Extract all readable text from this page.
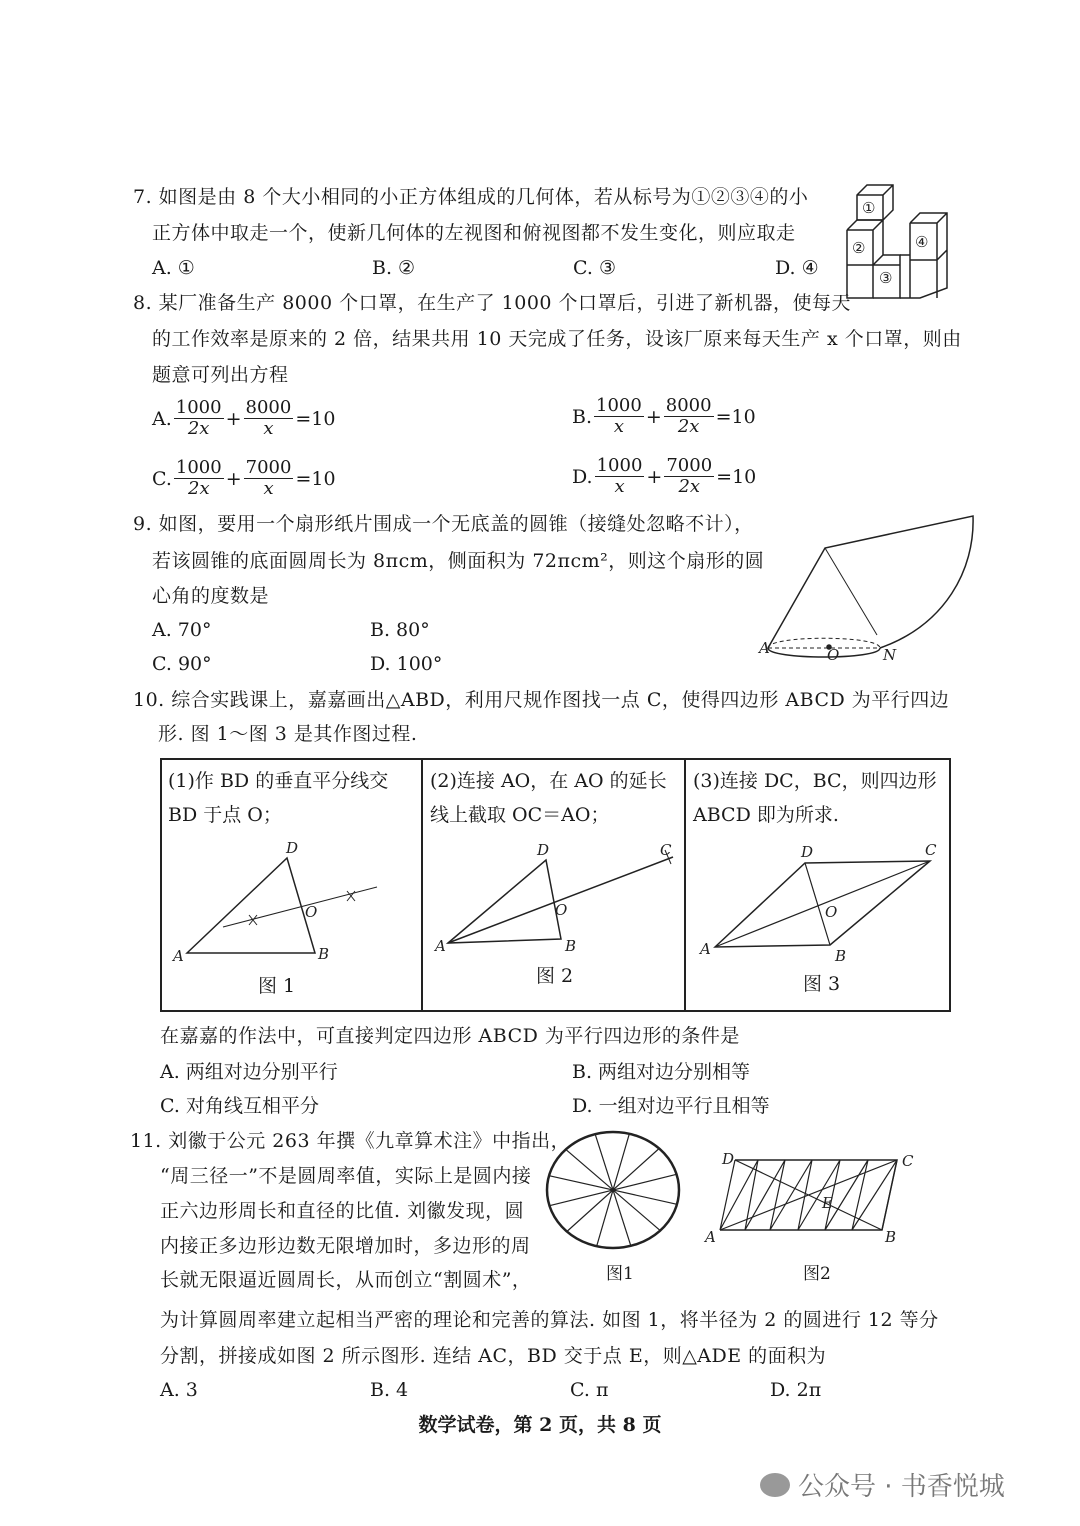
7. 如图是由 8 个大小相同的小正方体组成的几何体，若从标号为①②③④的小
正方体中取走一个，使新几何体的左视图和俯视图都不发生变化，则应取走
A. ①	B. ②	C. ③	D. ④
①
②
③
④
8. 某厂准备生产 8000 个口罩，在生产了 1000 个口罩后，引进了新机器，使每天
的工作效率是原来的 2 倍，结果共用 10 天完成了任务，设该厂原来每天生产 x 个口罩，则由
题意可列出方程
A. $\frac{1000}{2x} + \frac{8000}{x} =10$	B. $\frac{1000}{x} + \frac{8000}{2x} =10$
C. $\frac{1000}{2x} + \frac{7000}{x} =10$	D. $\frac{1000}{x} + \frac{7000}{2x} =10$
9. 如图，要用一个扇形纸片围成一个无底盖的圆锥（接缝处忽略不计），
若该圆锥的底面圆周长为 8πcm，侧面积为 72πcm²，则这个扇形的圆
心角的度数是
A. 70°	B. 80°
C. 90°	D. 100°
A	O	N
10. 综合实践课上，嘉嘉画出△ABD，利用尺规作图找一点 C，使得四边形 ABCD 为平行四边
形. 图 1～图 3 是其作图过程.
(1)作 BD 的垂直平分线交
BD 于点 O；
(2)连接 AO，在 AO 的延长
线上截取 OC＝AO；
(3)连接 DC，BC，则四边形
ABCD 即为所求.
图 1	图 2	图 3
A	B
D
O
A	B
D
O
C
A	B
D
O
C
在嘉嘉的作法中，可直接判定四边形 ABCD 为平行四边形的条件是
A. 两组对边分别平行	B. 两组对边分别相等
C. 对角线互相平分	D. 一组对边平行且相等
11. 刘徽于公元 263 年撰《九章算术注》中指出，
“周三径一”不是圆周率值，实际上是圆内接
正六边形周长和直径的比值. 刘徽发现，圆
内接正多边形边数无限增加时，多边形的周
长就无限逼近圆周长，从而创立“割圆术”，
为计算圆周率建立起相当严密的理论和完善的算法. 如图 1，将半径为 2 的圆进行 12 等分
分割，拼接成如图 2 所示图形. 连结 AC，BD 交于点 E，则△ADE 的面积为
A. 3	B. 4	C. π	D. 2π
D	C
A	B
E
图1	图2
数学试卷，第 2 页，共 8 页
公众号 · 书香悦城
